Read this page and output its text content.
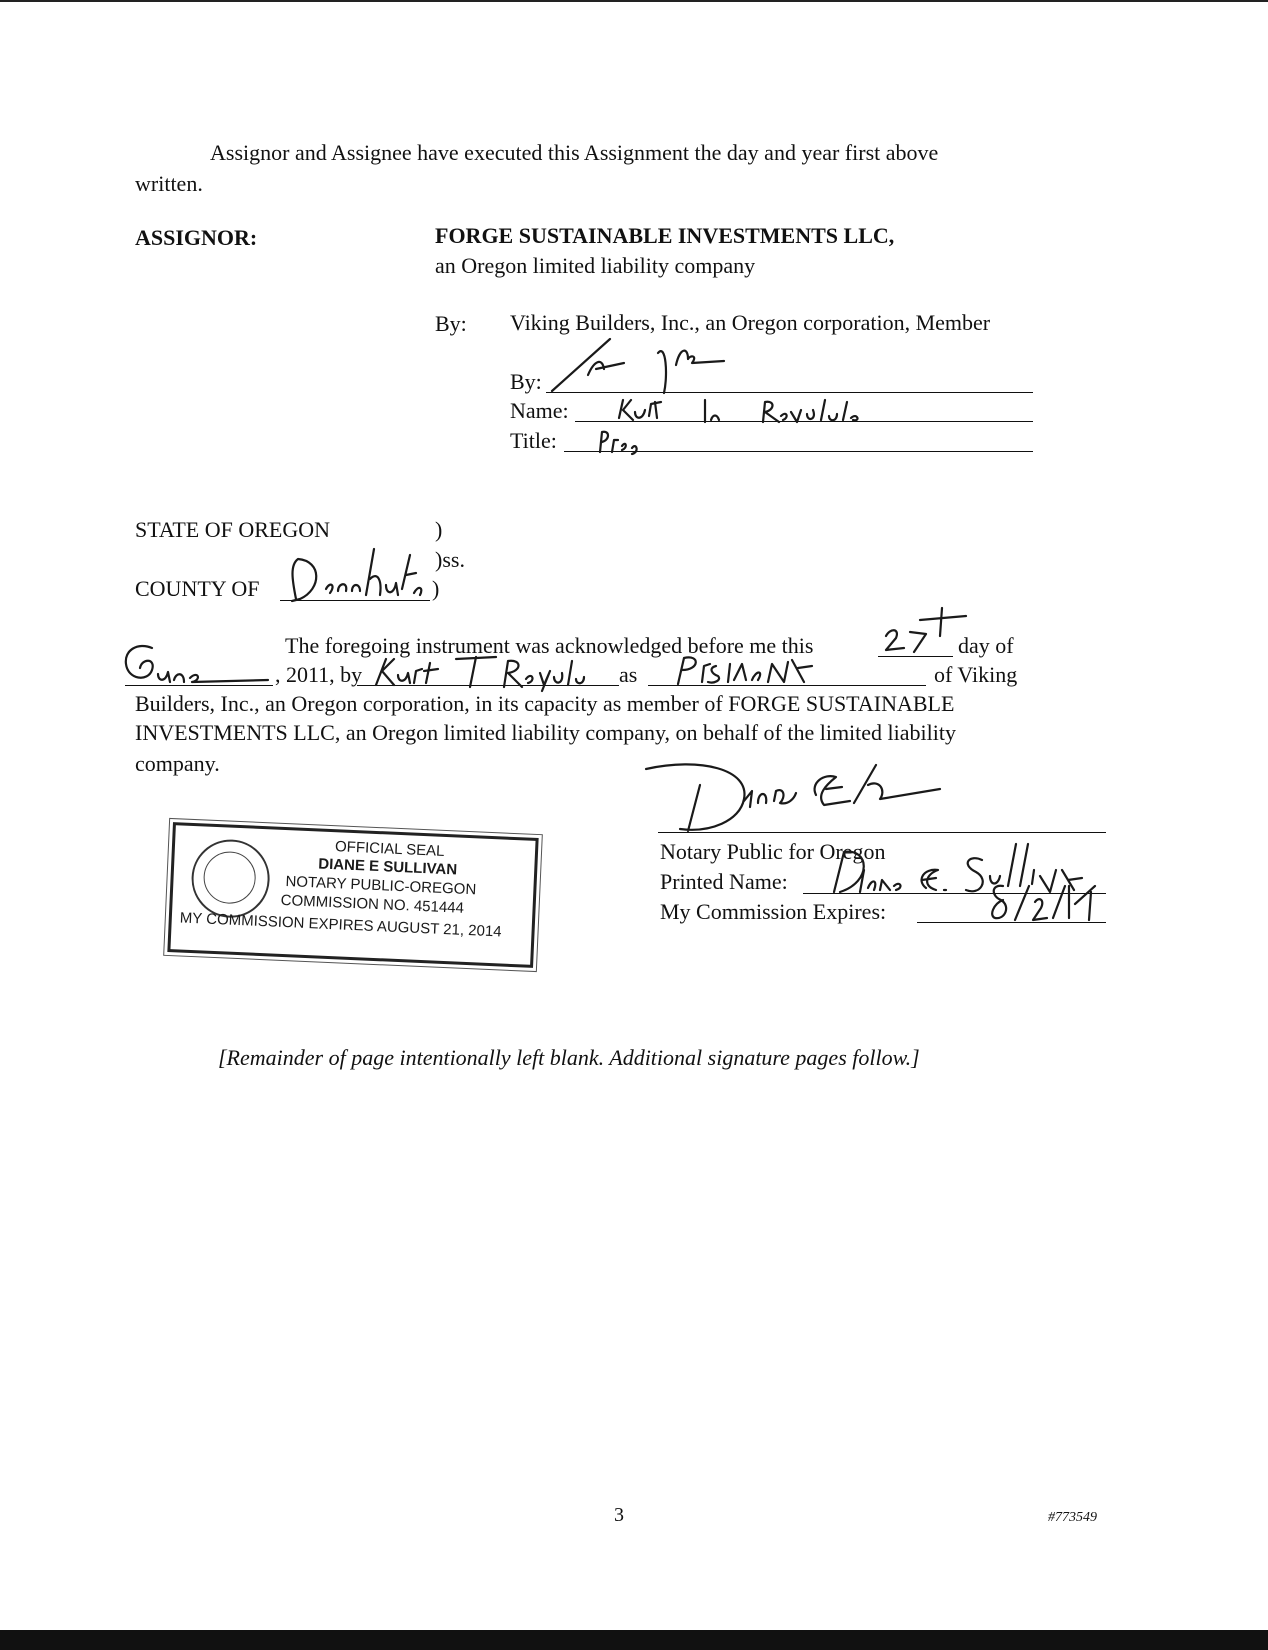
Assignor and Assignee have executed this Assignment the day and year first above
written.
ASSIGNOR:	FORGE SUSTAINABLE INVESTMENTS LLC,
an Oregon limited liability company
By: Viking Builders, Inc., an Oregon corporation, Member
By:
Name:
Title:
STATE OF OREGON	)
)ss.
COUNTY OF	)
The foregoing instrument was acknowledged before me this	day of
, 2011, by	as	of Viking
Builders, Inc., an Oregon corporation, in its capacity as member of FORGE SUSTAINABLE
INVESTMENTS LLC, an Oregon limited liability company, on behalf of the limited liability
company.
Notary Public for Oregon
Printed Name:
My Commission Expires:
OFFICIAL SEAL
DIANE E SULLIVAN
NOTARY PUBLIC-OREGON
COMMISSION NO. 451444
MY COMMISSION EXPIRES AUGUST 21, 2014
[Remainder of page intentionally left blank. Additional signature pages follow.]
3	#773549
